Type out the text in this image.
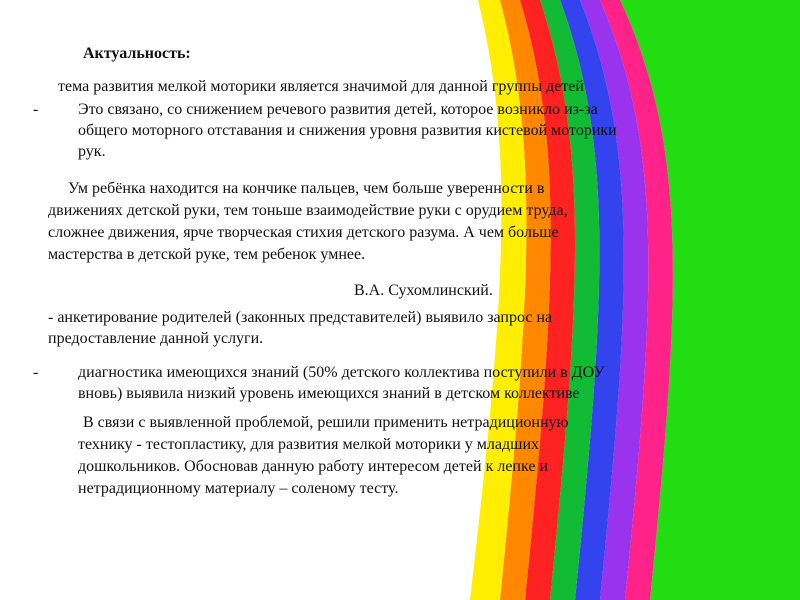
Актуальность:
тема развития мелкой моторики является значимой для данной группы детей
- Это связано, со снижением речевого развития детей, которое возникло из-за
общего моторного отставания и снижения уровня развития кистевой моторики
рук.
Ум ребёнка находится на кончике пальцев, чем больше уверенности в
движениях детской руки, тем тоньше взаимодействие руки с орудием труда,
сложнее движения, ярче творческая стихия детского разума. А чем больше
мастерства в детской руке, тем ребенок умнее.
В.А. Сухомлинский.
- анкетирование родителей (законных представителей) выявило запрос на
предоставление данной услуги.
- диагностика имеющихся знаний (50% детского коллектива поступили в ДОУ
вновь) выявила низкий уровень имеющихся знаний в детском коллективе
В связи с выявленной проблемой, решили применить нетрадиционную
технику - тестопластику, для развития мелкой моторики у младших
дошкольников. Обосновав данную работу интересом детей к лепке и
нетрадиционному материалу – соленому тесту.
